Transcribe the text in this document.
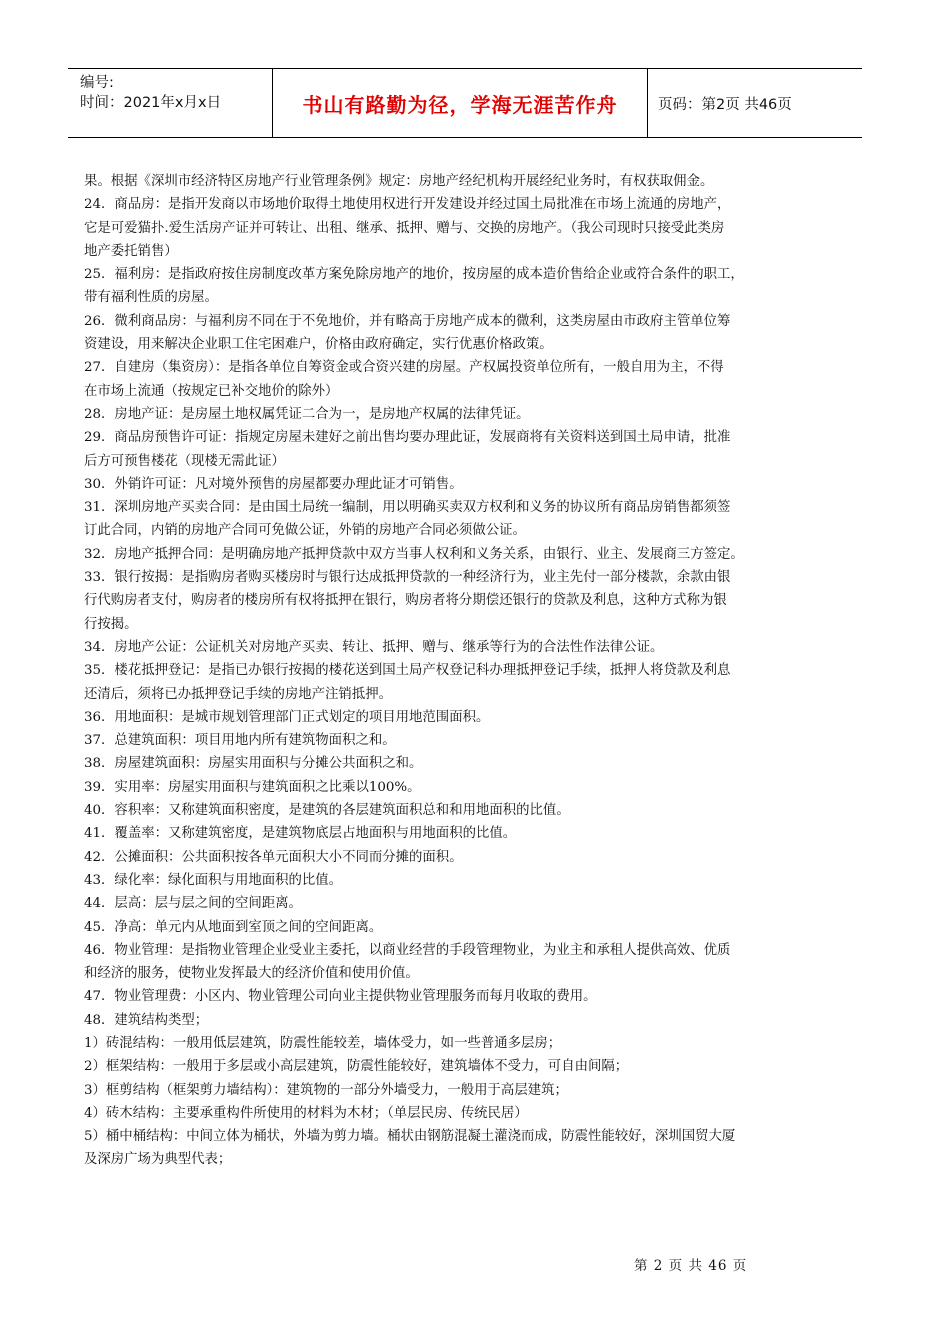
编号:
时间：2021年x月x日	书山有路勤为径，学海无涯苦作舟	页码：第2页 共46页

果。根据《深圳市经济特区房地产行业管理条例》规定：房地产经纪机构开展经纪业务时，有权获取佣金。

24．商品房：是指开发商以市场地价取得土地使用权进行开发建设并经过国土局批准在市场上流通的房地产，

它是可爱猫扑.爱生活房产证并可转让、出租、继承、抵押、赠与、交换的房地产。（我公司现时只接受此类房

地产委托销售）

25．福利房：是指政府按住房制度改革方案免除房地产的地价，按房屋的成本造价售给企业或符合条件的职工，

带有福利性质的房屋。

26．微利商品房：与福利房不同在于不免地价，并有略高于房地产成本的微利，这类房屋由市政府主管单位筹

资建设，用来解决企业职工住宅困难户，价格由政府确定，实行优惠价格政策。

27．自建房（集资房）：是指各单位自筹资金或合资兴建的房屋。产权属投资单位所有，一般自用为主，不得

在市场上流通（按规定已补交地价的除外）

28．房地产证：是房屋土地权属凭证二合为一，是房地产权属的法律凭证。

29．商品房预售许可证：指规定房屋未建好之前出售均要办理此证，发展商将有关资料送到国土局申请，批准

后方可预售楼花（现楼无需此证）

30．外销许可证：凡对境外预售的房屋都要办理此证才可销售。

31．深圳房地产买卖合同：是由国土局统一编制，用以明确买卖双方权利和义务的协议所有商品房销售都须签

订此合同，内销的房地产合同可免做公证，外销的房地产合同必须做公证。

32．房地产抵押合同：是明确房地产抵押贷款中双方当事人权利和义务关系，由银行、业主、发展商三方签定。

33．银行按揭：是指购房者购买楼房时与银行达成抵押贷款的一种经济行为，业主先付一部分楼款，余款由银

行代购房者支付，购房者的楼房所有权将抵押在银行，购房者将分期偿还银行的贷款及利息，这种方式称为银

行按揭。

34．房地产公证：公证机关对房地产买卖、转让、抵押、赠与、继承等行为的合法性作法律公证。

35．楼花抵押登记：是指已办银行按揭的楼花送到国土局产权登记科办理抵押登记手续，抵押人将贷款及利息

还清后，须将已办抵押登记手续的房地产注销抵押。

36．用地面积：是城市规划管理部门正式划定的项目用地范围面积。

37．总建筑面积：项目用地内所有建筑物面积之和。

38．房屋建筑面积：房屋实用面积与分摊公共面积之和。

39．实用率：房屋实用面积与建筑面积之比乘以100%。

40．容积率：又称建筑面积密度，是建筑的各层建筑面积总和和用地面积的比值。

41．覆盖率：又称建筑密度，是建筑物底层占地面积与用地面积的比值。

42．公摊面积：公共面积按各单元面积大小不同而分摊的面积。

43．绿化率：绿化面积与用地面积的比值。

44．层高：层与层之间的空间距离。

45．净高：单元内从地面到室顶之间的空间距离。

46．物业管理：是指物业管理企业受业主委托，以商业经营的手段管理物业，为业主和承租人提供高效、优质

和经济的服务，使物业发挥最大的经济价值和使用价值。

47．物业管理费：小区内、物业管理公司向业主提供物业管理服务而每月收取的费用。

48．建筑结构类型；

1）砖混结构：一般用低层建筑，防震性能较差，墙体受力，如一些普通多层房；

2）框架结构：一般用于多层或小高层建筑，防震性能较好，建筑墙体不受力，可自由间隔；

3）框剪结构（框架剪力墙结构）：建筑物的一部分外墙受力，一般用于高层建筑；

4）砖木结构：主要承重构件所使用的材料为木材；（单层民房、传统民居）

5）桶中桶结构：中间立体为桶状，外墙为剪力墙。桶状由钢筋混凝土灌浇而成，防震性能较好，深圳国贸大厦

及深房广场为典型代表；

第 2 页 共 46 页
